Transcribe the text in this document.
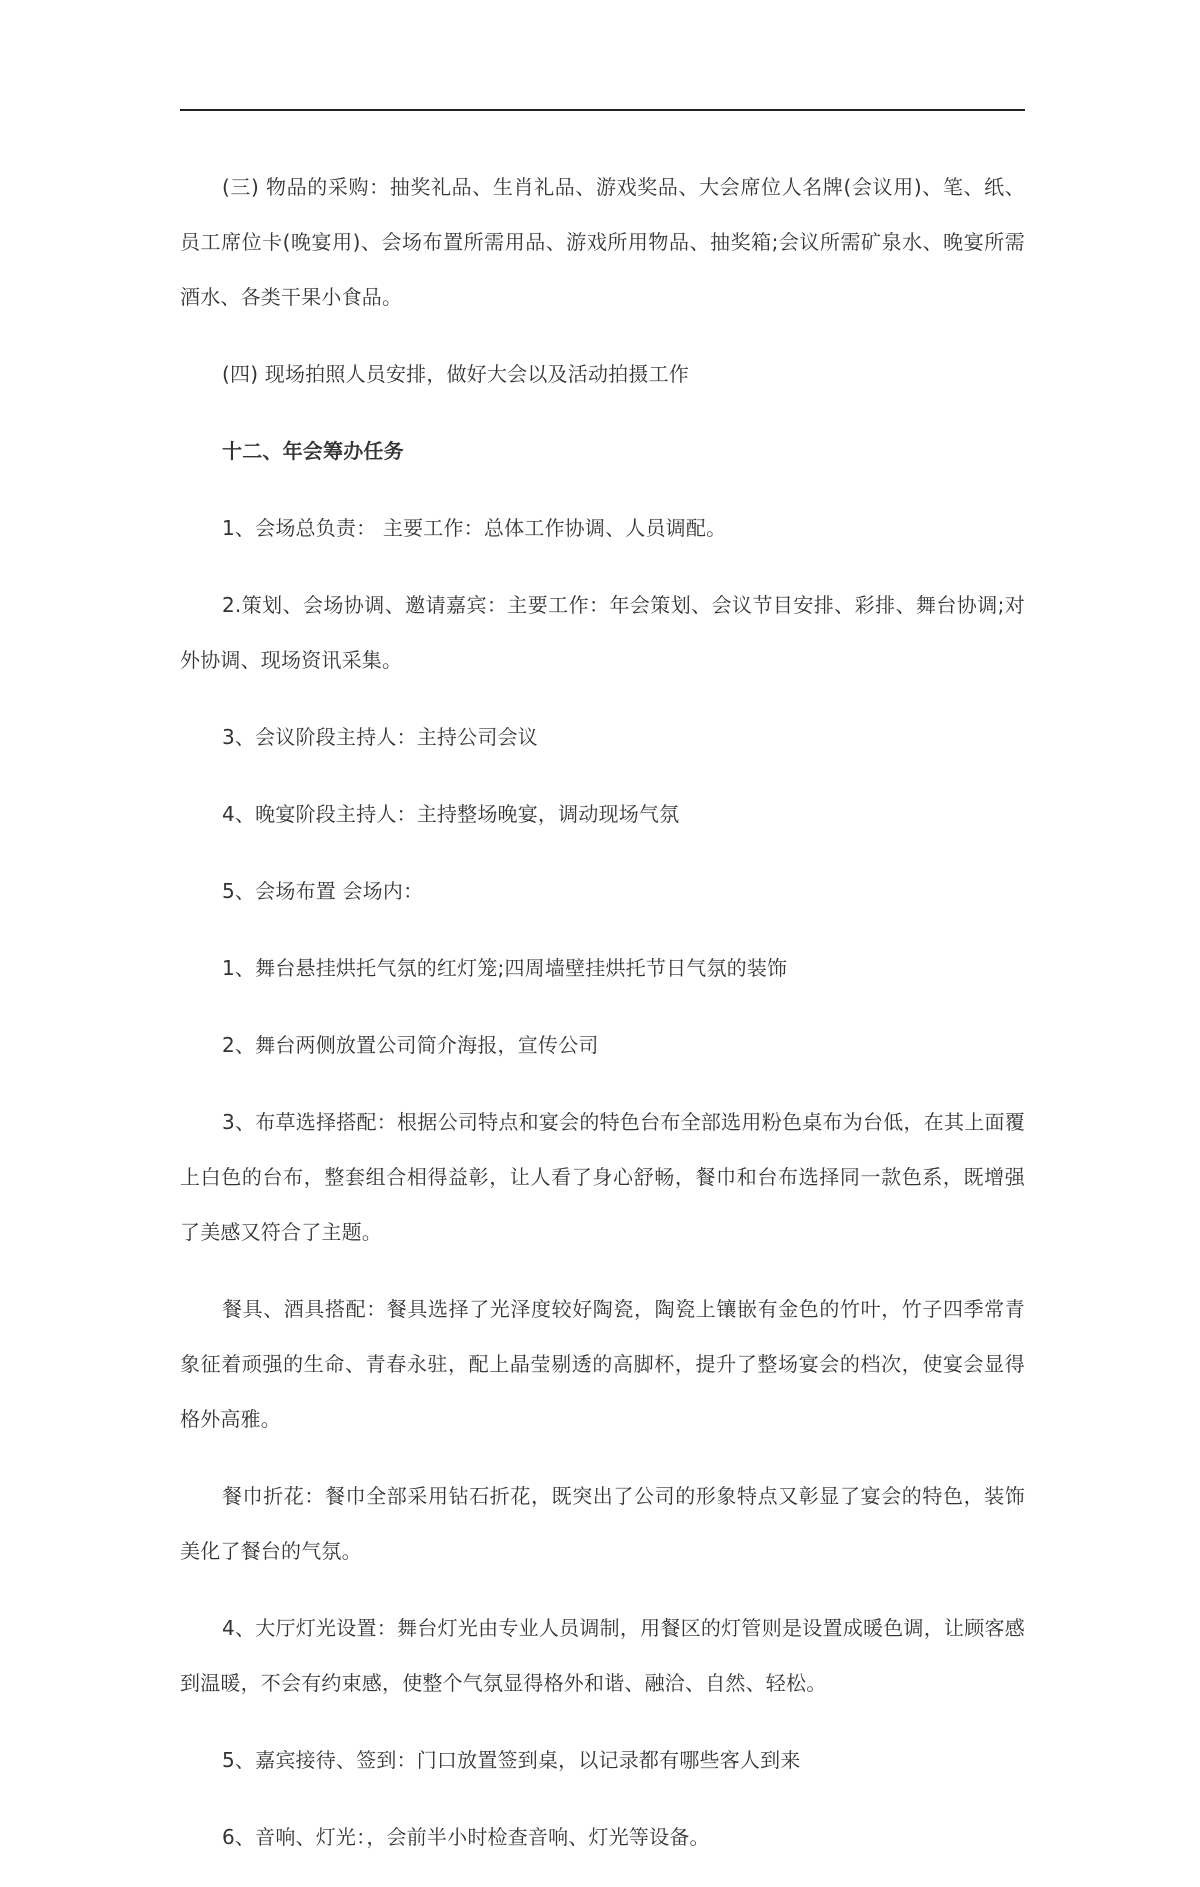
(三) 物品的采购：抽奖礼品、生肖礼品、游戏奖品、大会席位人名牌(会议用)、笔、纸、员工席位卡(晚宴用)、会场布置所需用品、游戏所用物品、抽奖箱;会议所需矿泉水、晚宴所需酒水、各类干果小食品。

(四) 现场拍照人员安排，做好大会以及活动拍摄工作

十二、年会筹办任务

1、会场总负责： 主要工作：总体工作协调、人员调配。

2.策划、会场协调、邀请嘉宾：主要工作：年会策划、会议节目安排、彩排、舞台协调;对外协调、现场资讯采集。

3、会议阶段主持人：主持公司会议

4、晚宴阶段主持人：主持整场晚宴，调动现场气氛

5、会场布置 会场内：

1、舞台悬挂烘托气氛的红灯笼;四周墙壁挂烘托节日气氛的装饰

2、舞台两侧放置公司简介海报，宣传公司

3、布草选择搭配：根据公司特点和宴会的特色台布全部选用粉色桌布为台低，在其上面覆上白色的台布，整套组合相得益彰，让人看了身心舒畅，餐巾和台布选择同一款色系，既增强了美感又符合了主题。

餐具、酒具搭配：餐具选择了光泽度较好陶瓷，陶瓷上镶嵌有金色的竹叶，竹子四季常青象征着顽强的生命、青春永驻，配上晶莹剔透的高脚杯，提升了整场宴会的档次，使宴会显得格外高雅。

餐巾折花：餐巾全部采用钻石折花，既突出了公司的形象特点又彰显了宴会的特色，装饰美化了餐台的气氛。

4、大厅灯光设置：舞台灯光由专业人员调制，用餐区的灯管则是设置成暖色调，让顾客感到温暖，不会有约束感，使整个气氛显得格外和谐、融洽、自然、轻松。

5、嘉宾接待、签到：门口放置签到桌，以记录都有哪些客人到来

6、音响、灯光：，会前半小时检查音响、灯光等设备。
